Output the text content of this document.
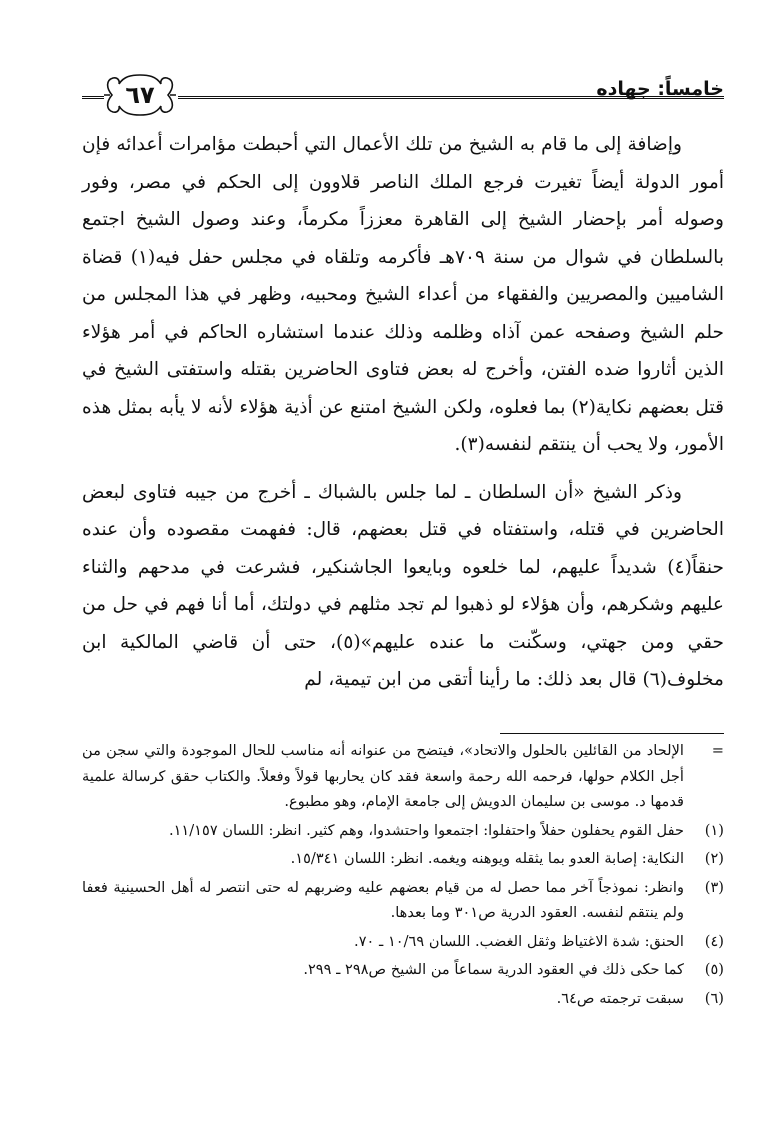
خامساً: جهاده
٦٧

وإضافة إلى ما قام به الشيخ من تلك الأعمال التي أحبطت مؤامرات أعدائه فإن أمور الدولة أيضاً تغيرت فرجع الملك الناصر قلاوون إلى الحكم في مصر، وفور وصوله أمر بإحضار الشيخ إلى القاهرة معززاً مكرماً، وعند وصول الشيخ اجتمع بالسلطان في شوال من سنة ٧٠٩هـ فأكرمه وتلقاه في مجلس حفل فيه(١) قضاة الشاميين والمصريين والفقهاء من أعداء الشيخ ومحبيه، وظهر في هذا المجلس من حلم الشيخ وصفحه عمن آذاه وظلمه وذلك عندما استشاره الحاكم في أمر هؤلاء الذين أثاروا ضده الفتن، وأخرج له بعض فتاوى الحاضرين بقتله واستفتى الشيخ في قتل بعضهم نكاية(٢) بما فعلوه، ولكن الشيخ امتنع عن أذية هؤلاء لأنه لا يأبه بمثل هذه الأمور، ولا يحب أن ينتقم لنفسه(٣).

وذكر الشيخ «أن السلطان ـ لما جلس بالشباك ـ أخرج من جيبه فتاوى لبعض الحاضرين في قتله، واستفتاه في قتل بعضهم، قال: ففهمت مقصوده وأن عنده حنقاً(٤) شديداً عليهم، لما خلعوه وبايعوا الجاشنكير، فشرعت في مدحهم والثناء عليهم وشكرهم، وأن هؤلاء لو ذهبوا لم تجد مثلهم في دولتك، أما أنا فهم في حل من حقي ومن جهتي، وسكّنت ما عنده عليهم»(٥)، حتى أن قاضي المالكية ابن مخلوف(٦) قال بعد ذلك: ما رأينا أتقى من ابن تيمية، لم

=
الإلحاد من القائلين بالحلول والاتحاد»، فيتضح من عنوانه أنه مناسب للحال الموجودة والتي سجن من أجل الكلام حولها، فرحمه الله رحمة واسعة فقد كان يحاربها قولاً وفعلاً. والكتاب حقق كرسالة علمية قدمها د. موسى بن سليمان الدويش إلى جامعة الإمام، وهو مطبوع.
(١)
حفل القوم يحفلون حفلاً واحتفلوا: اجتمعوا واحتشدوا، وهم كثير. انظر: اللسان ١١/١٥٧.
(٢)
النكاية: إصابة العدو بما يثقله ويوهنه ويغمه. انظر: اللسان ١٥/٣٤١.
(٣)
وانظر: نموذجاً آخر مما حصل له من قيام بعضهم عليه وضربهم له حتى انتصر له أهل الحسينية فعفا ولم ينتقم لنفسه. العقود الدرية ص٣٠١ وما بعدها.
(٤)
الحنق: شدة الاغتياظ وثقل الغضب. اللسان ١٠/٦٩ ـ ٧٠.
(٥)
كما حكى ذلك في العقود الدرية سماعاً من الشيخ ص٢٩٨ ـ ٢٩٩.
(٦)
سبقت ترجمته ص٦٤.
